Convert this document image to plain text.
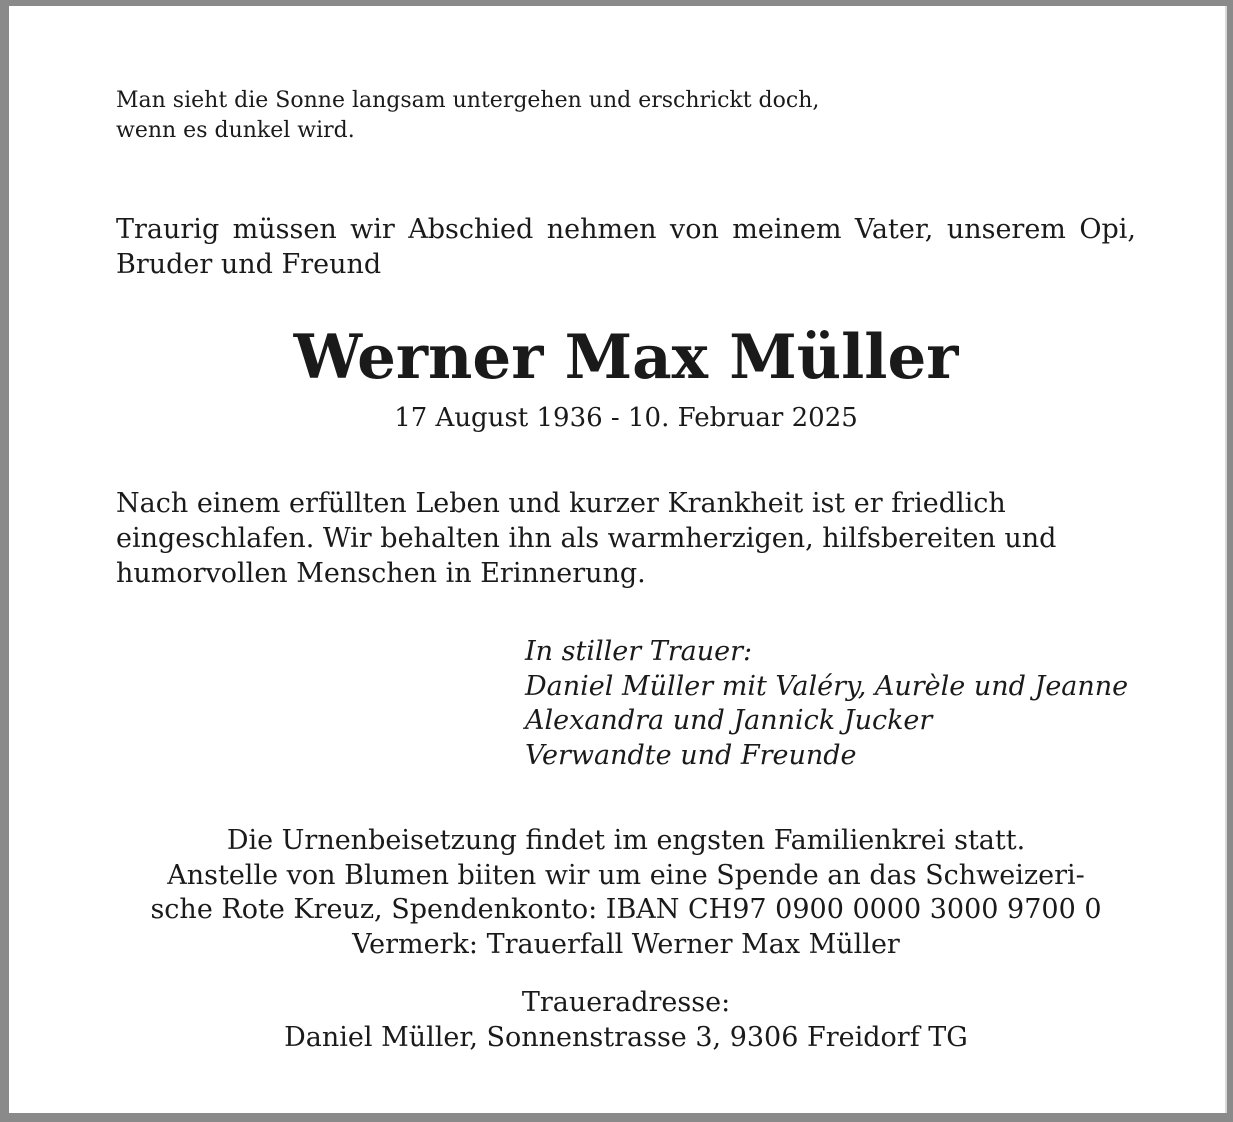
Man sieht die Sonne langsam untergehen und erschrickt doch,
wenn es dunkel wird.
Traurig müssen wir Abschied nehmen von meinem Vater, unserem Opi, Bruder und Freund
Werner Max Müller
17 August 1936 - 10. Februar 2025
Nach einem erfüllten Leben und kurzer Krankheit ist er friedlich
eingeschlafen. Wir behalten ihn als warmherzigen, hilfsbereiten und
humorvollen Menschen in Erinnerung.
In stiller Trauer:
Daniel Müller mit Valéry, Aurèle und Jeanne
Alexandra und Jannick Jucker
Verwandte und Freunde
Die Urnenbeisetzung findet im engsten Familienkrei statt.
Anstelle von Blumen biiten wir um eine Spende an das Schweizeri-
sche Rote Kreuz, Spendenkonto: IBAN CH97 0900 0000 3000 9700 0
Vermerk: Trauerfall Werner Max Müller
Traueradresse:
Daniel Müller, Sonnenstrasse 3, 9306 Freidorf TG
